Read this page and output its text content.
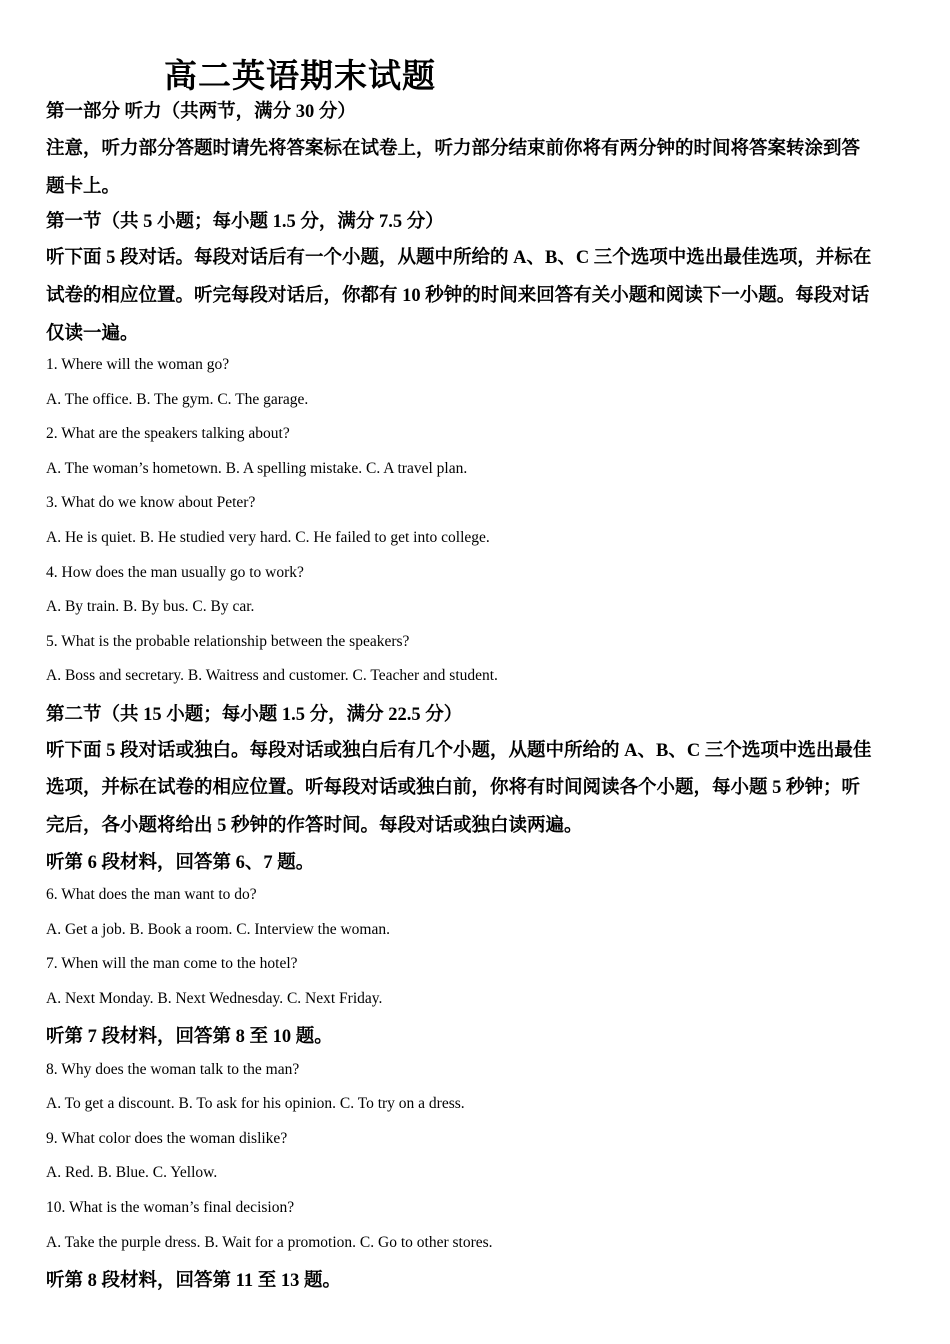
高二英语期末试题
第一部分 听力（共两节，满分 30 分）
注意，听力部分答题时请先将答案标在试卷上，听力部分结束前你将有两分钟的时间将答案转涂到答
题卡上。
第一节（共 5 小题；每小题 1.5 分，满分 7.5 分）
听下面 5 段对话。每段对话后有一个小题，从题中所给的 A、B、C 三个选项中选出最佳选项，并标在
试卷的相应位置。听完每段对话后，你都有 10 秒钟的时间来回答有关小题和阅读下一小题。每段对话
仅读一遍。
1. Where will the woman go?
A. The office. B. The gym. C. The garage.
2. What are the speakers talking about?
A. The woman’s hometown. B. A spelling mistake. C. A travel plan.
3. What do we know about Peter?
A. He is quiet. B. He studied very hard. C. He failed to get into college.
4. How does the man usually go to work?
A. By train. B. By bus. C. By car.
5. What is the probable relationship between the speakers?
A. Boss and secretary. B. Waitress and customer. C. Teacher and student.
第二节（共 15 小题；每小题 1.5 分，满分 22.5 分）
听下面 5 段对话或独白。每段对话或独白后有几个小题，从题中所给的 A、B、C 三个选项中选出最佳
选项，并标在试卷的相应位置。听每段对话或独白前，你将有时间阅读各个小题，每小题 5 秒钟；听
完后，各小题将给出 5 秒钟的作答时间。每段对话或独白读两遍。
听第 6 段材料，回答第 6、7 题。
6. What does the man want to do?
A. Get a job. B. Book a room. C. Interview the woman.
7. When will the man come to the hotel?
A. Next Monday. B. Next Wednesday. C. Next Friday.
听第 7 段材料，回答第 8 至 10 题。
8. Why does the woman talk to the man?
A. To get a discount. B. To ask for his opinion. C. To try on a dress.
9. What color does the woman dislike?
A. Red. B. Blue. C. Yellow.
10. What is the woman’s final decision?
A. Take the purple dress. B. Wait for a promotion. C. Go to other stores.
听第 8 段材料，回答第 11 至 13 题。
